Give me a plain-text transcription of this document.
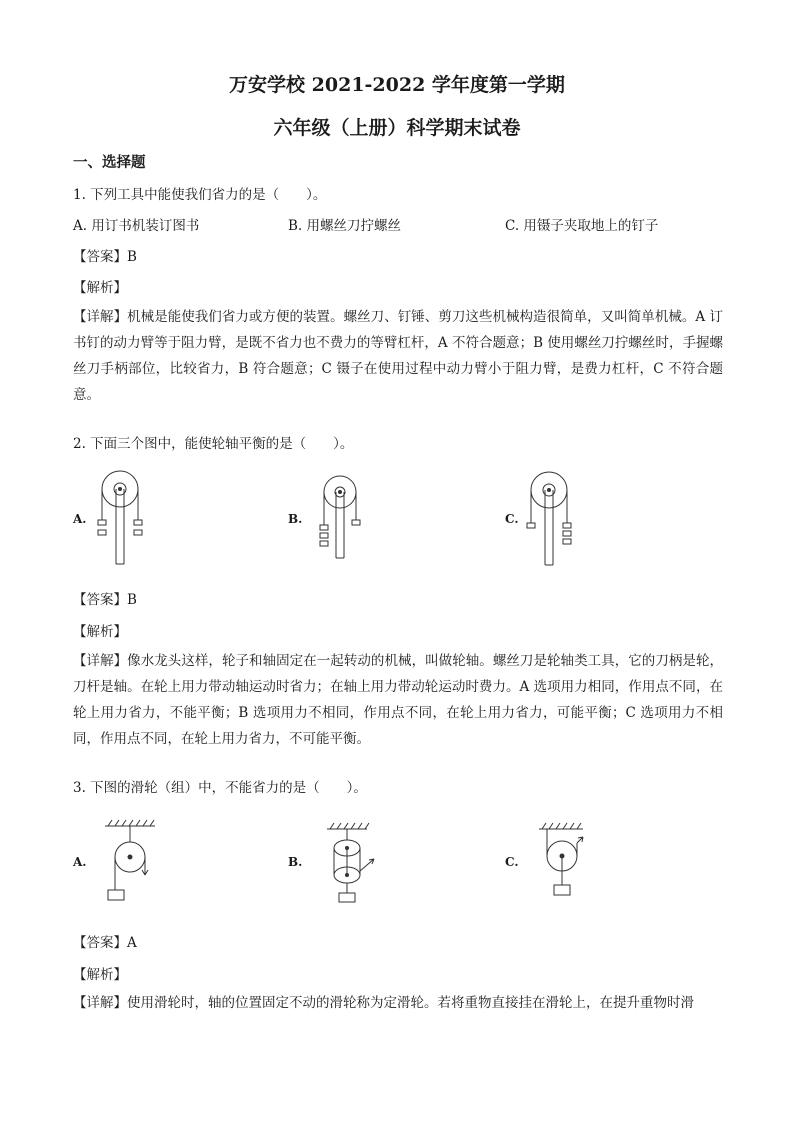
万安学校 2021-2022 学年度第一学期
六年级（上册）科学期末试卷
一、选择题
1. 下列工具中能使我们省力的是（　　）。
A. 用订书机装订图书	B. 用螺丝刀拧螺丝	C. 用镊子夹取地上的钉子
【答案】B
【解析】
【详解】机械是能使我们省力或方便的装置。螺丝刀、钉锤、剪刀这些机械构造很简单，又叫简单机械。A 订书钉的动力臂等于阻力臂，是既不省力也不费力的等臂杠杆，A 不符合题意；B 使用螺丝刀拧螺丝时，手握螺丝刀手柄部位，比较省力，B 符合题意；C 镊子在使用过程中动力臂小于阻力臂，是费力杠杆，C 不符合题意。
2. 下面三个图中，能使轮轴平衡的是（　　）。
A.	B.	C.
【答案】B
【解析】
【详解】像水龙头这样，轮子和轴固定在一起转动的机械，叫做轮轴。螺丝刀是轮轴类工具，它的刀柄是轮，刀杆是轴。在轮上用力带动轴运动时省力；在轴上用力带动轮运动时费力。A 选项用力相同，作用点不同，在轮上用力省力，不能平衡；B 选项用力不相同，作用点不同，在轮上用力省力，可能平衡；C 选项用力不相同，作用点不同，在轮上用力省力，不可能平衡。
3. 下图的滑轮（组）中，不能省力的是（　　）。
A.	B.	C.
【答案】A
【解析】
【详解】使用滑轮时，轴的位置固定不动的滑轮称为定滑轮。若将重物直接挂在滑轮上，在提升重物时滑
